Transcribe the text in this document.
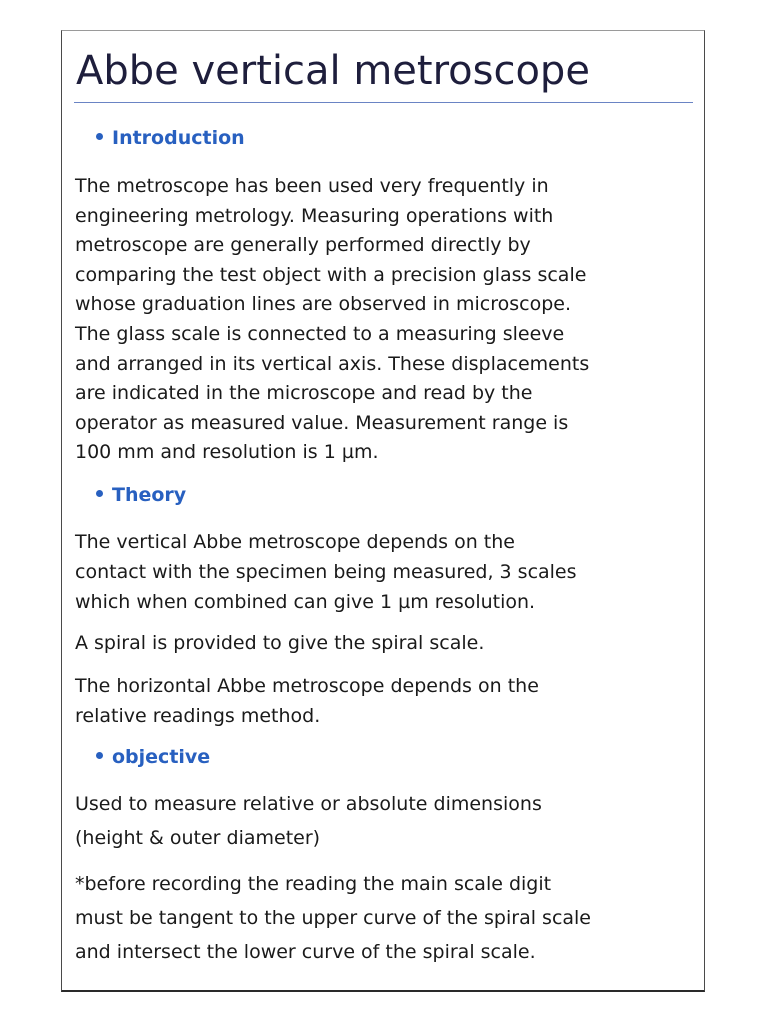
Abbe vertical metroscope
Introduction
The metroscope has been used very frequently in
engineering metrology. Measuring operations with
metroscope are generally performed directly by
comparing the test object with a precision glass scale
whose graduation lines are observed in microscope.
The glass scale is connected to a measuring sleeve
and arranged in its vertical axis. These displacements
are indicated in the microscope and read by the
operator as measured value. Measurement range is
100 mm and resolution is 1 µm.
Theory
The vertical Abbe metroscope depends on the
contact with the specimen being measured, 3 scales
which when combined can give 1 µm resolution.
A spiral is provided to give the spiral scale.
The horizontal Abbe metroscope depends on the
relative readings method.
objective
Used to measure relative or absolute dimensions
(height & outer diameter)
*before recording the reading the main scale digit
must be tangent to the upper curve of the spiral scale
and intersect the lower curve of the spiral scale.
